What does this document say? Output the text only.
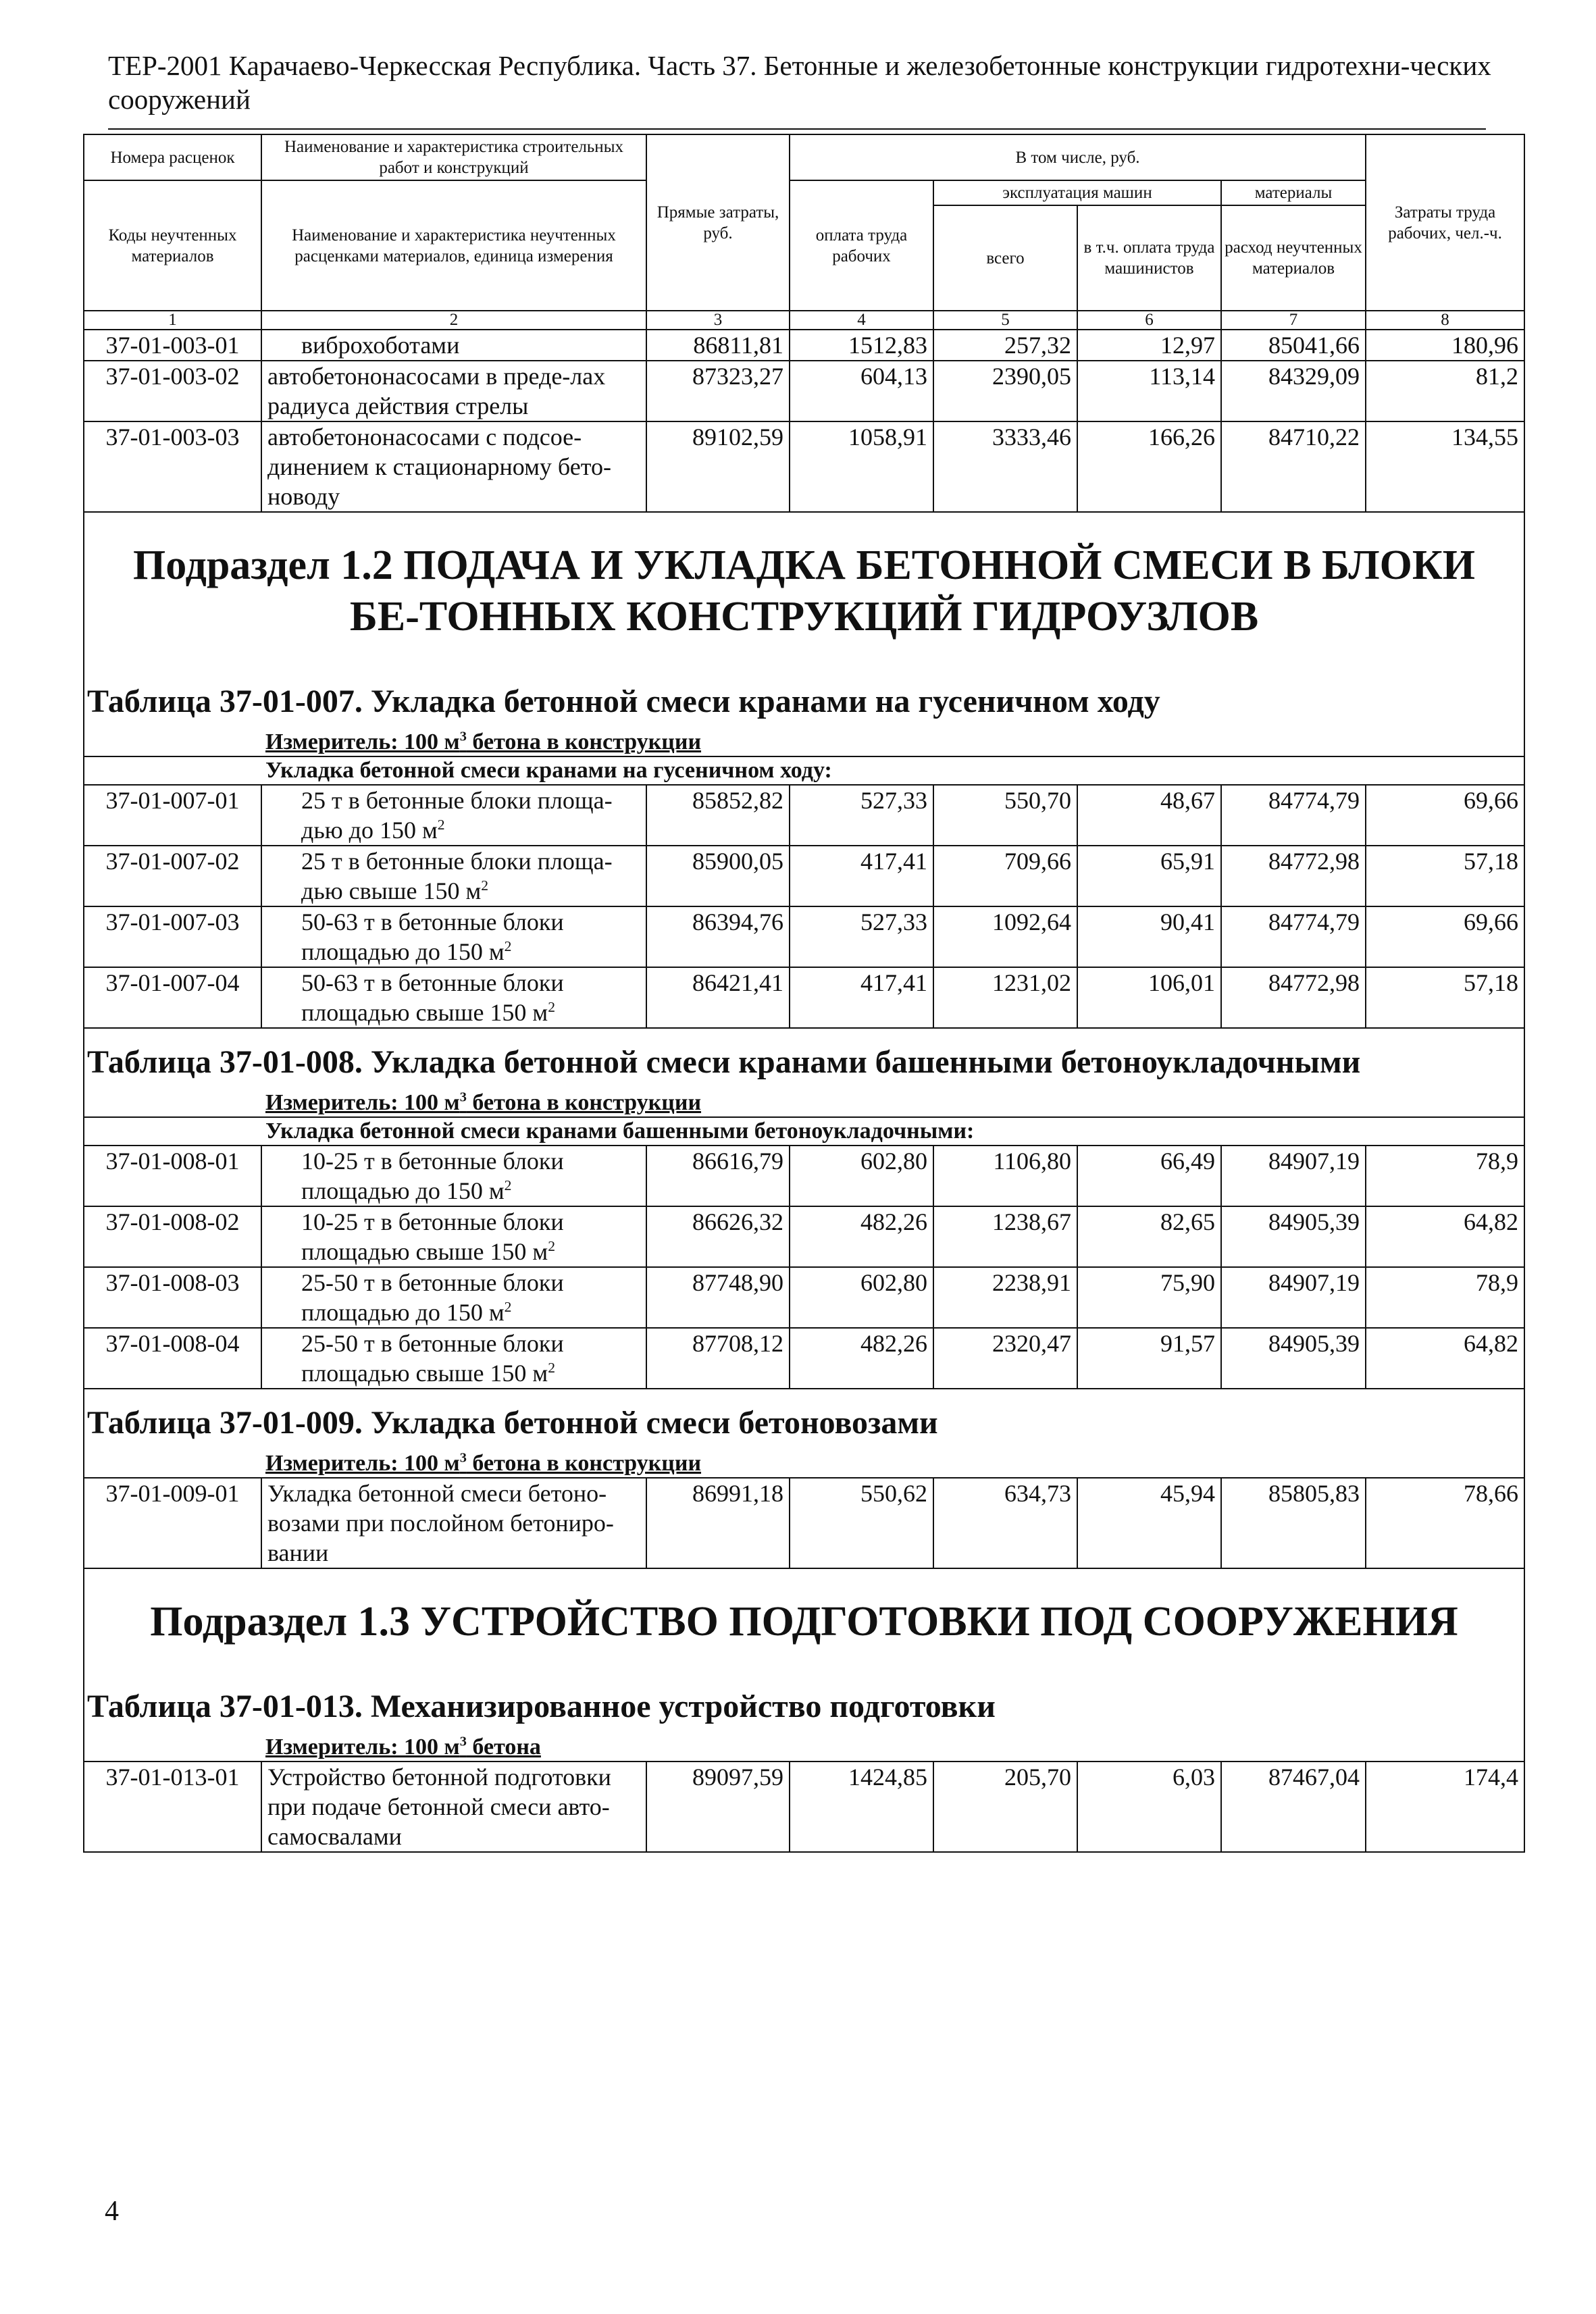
ТЕР-2001 Карачаево-Черкесская Республика. Часть 37. Бетонные и железобетонные конструкции гидротехни-ческих сооружений
Номера расценок	Наименование и характеристика строительных работ и конструкций	Прямые затраты, руб.	В том числе, руб.				Затраты труда рабочих, чел.-ч.
Коды неучтенных материалов	Наименование и характеристика неучтенных расценками материалов, единица измерения		оплата труда рабочих	эксплуатация машин		материалы	
				всего	в т.ч. оплата труда машинистов	расход неучтенных материалов	
1	2	3	4	5	6	7	8
37-01-003-01	виброхоботами	86811,81	1512,83	257,32	12,97	85041,66	180,96
37-01-003-02	автобетононасосами в преде-лах радиуса действия стрелы	87323,27	604,13	2390,05	113,14	84329,09	81,2
37-01-003-03	автобетононасосами с подсое-динением к стационарному бето-новоду	89102,59	1058,91	3333,46	166,26	84710,22	134,55
Подраздел 1.2 ПОДАЧА И УКЛАДКА БЕТОННОЙ СМЕСИ В БЛОКИ БЕ-ТОННЫХ КОНСТРУКЦИЙ ГИДРОУЗЛОВ							
Таблица 37-01-007. Укладка бетонной смеси кранами на гусеничном ходу							
Измеритель: 100 $м^3$ бетона в конструкции							
Укладка бетонной смеси кранами на гусеничном ходу:							
37-01-007-01	25 т в бетонные блоки площа-дью до 150 $м^2$	85852,82	527,33	550,70	48,67	84774,79	69,66
37-01-007-02	25 т в бетонные блоки площа-дью свыше 150 $м^2$	85900,05	417,41	709,66	65,91	84772,98	57,18
37-01-007-03	50-63 т в бетонные блоки площадью до 150 $м^2$	86394,76	527,33	1092,64	90,41	84774,79	69,66
37-01-007-04	50-63 т в бетонные блоки площадью свыше 150 $м^2$	86421,41	417,41	1231,02	106,01	84772,98	57,18
Таблица 37-01-008. Укладка бетонной смеси кранами башенными бетоноукладочными							
Измеритель: 100 $м^3$ бетона в конструкции							
Укладка бетонной смеси кранами башенными бетоноукладочными:							
37-01-008-01	10-25 т в бетонные блоки площадью до 150 $м^2$	86616,79	602,80	1106,80	66,49	84907,19	78,9
37-01-008-02	10-25 т в бетонные блоки площадью свыше 150 $м^2$	86626,32	482,26	1238,67	82,65	84905,39	64,82
37-01-008-03	25-50 т в бетонные блоки площадью до 150 $м^2$	87748,90	602,80	2238,91	75,90	84907,19	78,9
37-01-008-04	25-50 т в бетонные блоки площадью свыше 150 $м^2$	87708,12	482,26	2320,47	91,57	84905,39	64,82
Таблица 37-01-009. Укладка бетонной смеси бетоновозами							
Измеритель: 100 $м^3$ бетона в конструкции							
37-01-009-01	Укладка бетонной смеси бетоно-возами при послойном бетониро-вании	86991,18	550,62	634,73	45,94	85805,83	78,66
Подраздел 1.3 УСТРОЙСТВО ПОДГОТОВКИ ПОД СООРУЖЕНИЯ							
Таблица 37-01-013. Механизированное устройство подготовки							
Измеритель: 100 $м^3$ бетона							
37-01-013-01	Устройство бетонной подготовки при подаче бетонной смеси авто-самосвалами	89097,59	1424,85	205,70	6,03	87467,04	174,4
4
